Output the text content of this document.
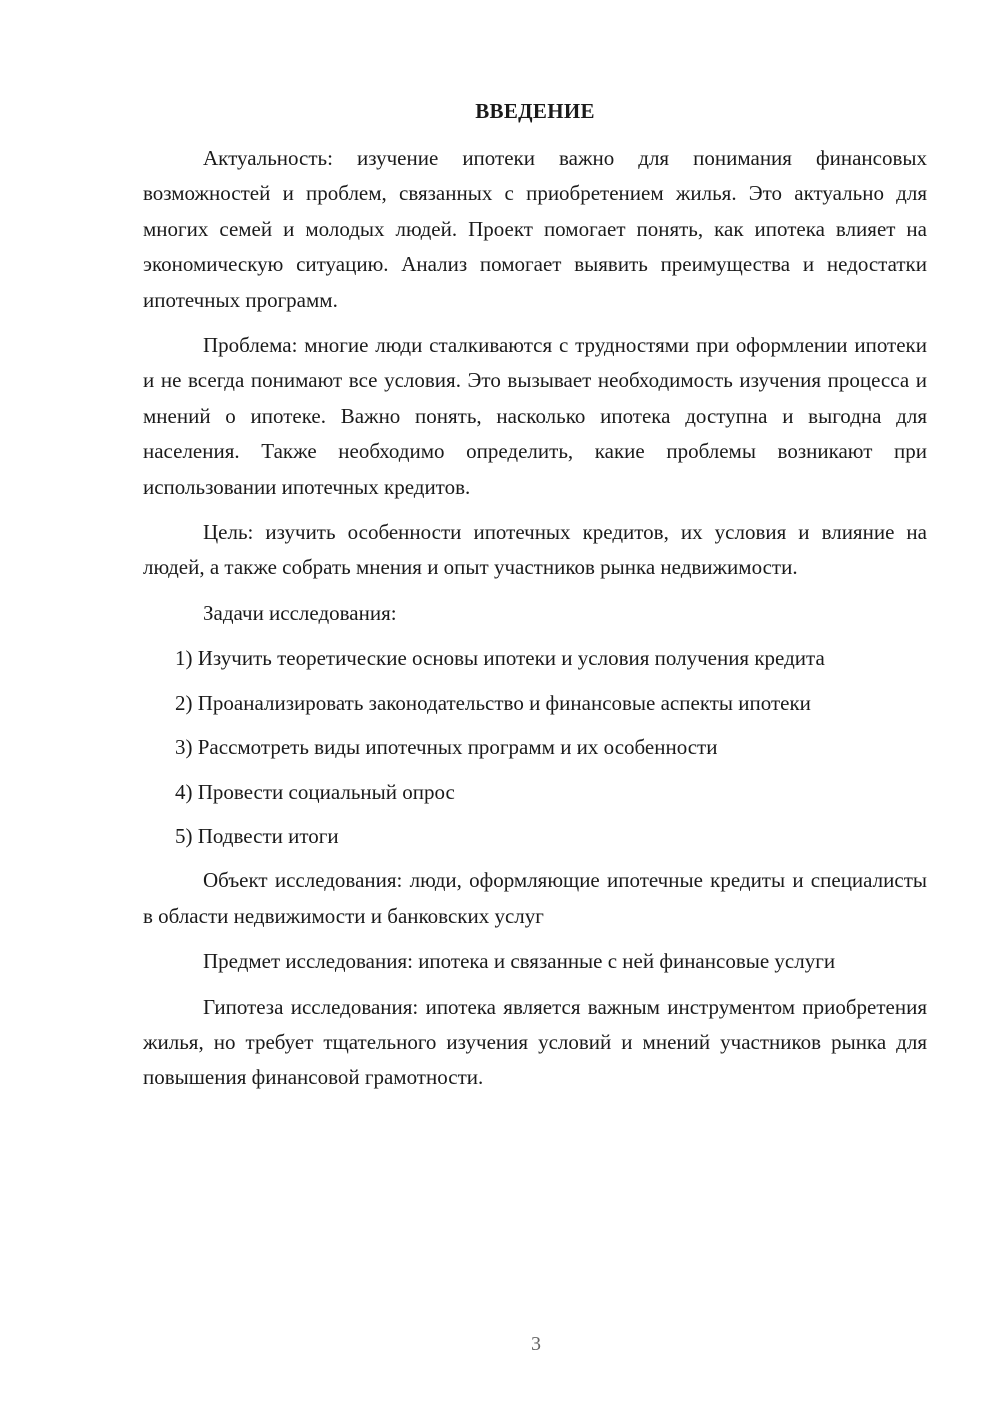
ВВЕДЕНИЕ

Актуальность: изучение ипотеки важно для понимания финансовых возможностей и проблем, связанных с приобретением жилья. Это актуально для многих семей и молодых людей. Проект помогает понять, как ипотека влияет на экономическую ситуацию. Анализ помогает выявить преимущества и недостатки ипотечных программ.

Проблема: многие люди сталкиваются с трудностями при оформлении ипотеки и не всегда понимают все условия. Это вызывает необходимость изучения процесса и мнений о ипотеке. Важно понять, насколько ипотека доступна и выгодна для населения. Также необходимо определить, какие проблемы возникают при использовании ипотечных кредитов.

Цель: изучить особенности ипотечных кредитов, их условия и влияние на людей, а также собрать мнения и опыт участников рынка недвижимости.

Задачи исследования:

1) Изучить теоретические основы ипотеки и условия получения кредита

2) Проанализировать законодательство и финансовые аспекты ипотеки

3) Рассмотреть виды ипотечных программ и их особенности

4) Провести социальный опрос

5) Подвести итоги

Объект исследования: люди, оформляющие ипотечные кредиты и специалисты в области недвижимости и банковских услуг

Предмет исследования: ипотека и связанные с ней финансовые услуги

Гипотеза исследования: ипотека является важным инструментом приобретения жилья, но требует тщательного изучения условий и мнений участников рынка для повышения финансовой грамотности.

3
